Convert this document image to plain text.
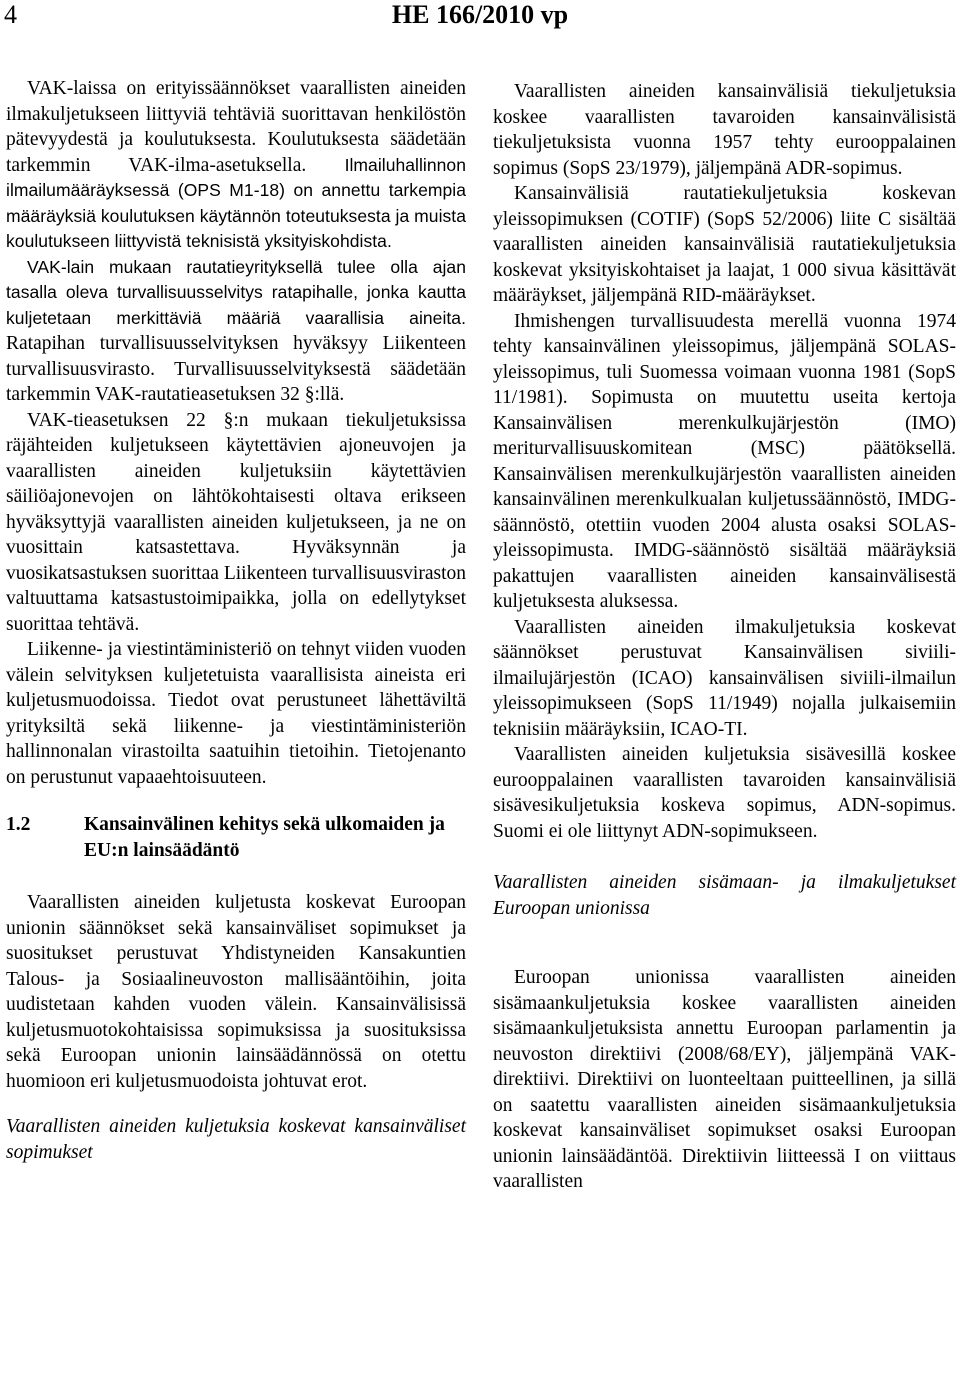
4	HE 166/2010 vp

VAK-laissa on erityissäännökset vaarallisten aineiden ilmakuljetukseen liittyviä tehtäviä suorittavan henkilöstön pätevyydestä ja koulutuksesta. Koulutuksesta säädetään tarkemmin VAK-ilma-asetuksella. Ilmailuhallinnon ilmailumääräyksessä (OPS M1-18) on annettu tarkempia määräyksiä koulutuksen käytännön toteutuksesta ja muista koulutukseen liittyvistä teknisistä yksityiskohdista.

VAK-lain mukaan rautatieyrityksellä tulee olla ajan tasalla oleva turvallisuusselvitys ratapihalle, jonka kautta kuljetetaan merkittäviä määriä vaarallisia aineita. Ratapihan turvallisuusselvityksen hyväksyy Liikenteen turvallisuusvirasto. Turvallisuusselvityksestä säädetään tarkemmin VAK-rautatieasetuksen 32 §:llä.

VAK-tieasetuksen 22 §:n mukaan tiekuljetuksissa räjähteiden kuljetukseen käytettävien ajoneuvojen ja vaarallisten aineiden kuljetuksiin käytettävien säiliöajonevojen on lähtökohtaisesti oltava erikseen hyväksyttyjä vaarallisten aineiden kuljetukseen, ja ne on vuosittain katsastettava. Hyväksynnän ja vuosikatsastuksen suorittaa Liikenteen turvallisuusviraston valtuuttama katsastustoimipaikka, jolla on edellytykset suorittaa tehtävä.

Liikenne- ja viestintäministeriö on tehnyt viiden vuoden välein selvityksen kuljetetuista vaarallisista aineista eri kuljetusmuodoissa. Tiedot ovat perustuneet lähettäviltä yrityksiltä sekä liikenne- ja viestintäministeriön hallinnonalan virastoilta saatuihin tietoihin. Tietojenanto on perustunut vapaaehtoisuuteen.

1.2	Kansainvälinen kehitys sekä ulkomaiden ja EU:n lainsäädäntö

Vaarallisten aineiden kuljetusta koskevat Euroopan unionin säännökset sekä kansainväliset sopimukset ja suositukset perustuvat Yhdistyneiden Kansakuntien Talous- ja Sosiaalineuvoston mallisääntöihin, joita uudistetaan kahden vuoden välein. Kansainvälisissä kuljetusmuotokohtaisissa sopimuksissa ja suosituksissa sekä Euroopan unionin lainsäädännössä on otettu huomioon eri kuljetusmuodoista johtuvat erot.

Vaarallisten aineiden kuljetuksia koskevat kansainväliset sopimukset

Vaarallisten aineiden kansainvälisiä tiekuljetuksia koskee vaarallisten tavaroiden kansainvälisistä tiekuljetuksista vuonna 1957 tehty eurooppalainen sopimus (SopS 23/1979), jäljempänä ADR-sopimus.

Kansainvälisiä rautatiekuljetuksia koskevan yleissopimuksen (COTIF) (SopS 52/2006) liite C sisältää vaarallisten aineiden kansainvälisiä rautatiekuljetuksia koskevat yksityiskohtaiset ja laajat, 1 000 sivua käsittävät määräykset, jäljempänä RID-määräykset.

Ihmishengen turvallisuudesta merellä vuonna 1974 tehty kansainvälinen yleissopimus, jäljempänä SOLAS-yleissopimus, tuli Suomessa voimaan vuonna 1981 (SopS 11/1981). Sopimusta on muutettu useita kertoja Kansainvälisen merenkulkujärjestön (IMO) meriturvallisuuskomitean (MSC) päätöksellä. Kansainvälisen merenkulkujärjestön vaarallisten aineiden kansainvälinen merenkulkualan kuljetussäännöstö, IMDG-säännöstö, otettiin vuoden 2004 alusta osaksi SOLAS-yleissopimusta. IMDG-säännöstö sisältää määräyksiä pakattujen vaarallisten aineiden kansainvälisestä kuljetuksesta aluksessa.

Vaarallisten aineiden ilmakuljetuksia koskevat säännökset perustuvat Kansainvälisen siviili-ilmailujärjestön (ICAO) kansainvälisen siviili-ilmailun yleissopimukseen (SopS 11/1949) nojalla julkaisemiin teknisiin määräyksiin, ICAO-TI.

Vaarallisten aineiden kuljetuksia sisävesillä koskee eurooppalainen vaarallisten tavaroiden kansainvälisiä sisävesikuljetuksia koskeva sopimus, ADN-sopimus. Suomi ei ole liittynyt ADN-sopimukseen.

Vaarallisten aineiden sisämaan- ja ilmakuljetukset Euroopan unionissa

Euroopan unionissa vaarallisten aineiden sisämaankuljetuksia koskee vaarallisten aineiden sisämaankuljetuksista annettu Euroopan parlamentin ja neuvoston direktiivi (2008/68/EY), jäljempänä VAK-direktiivi. Direktiivi on luonteeltaan puitteellinen, ja sillä on saatettu vaarallisten aineiden sisämaankuljetuksia koskevat kansainväliset sopimukset osaksi Euroopan unionin lainsäädäntöä. Direktiivin liitteessä I on viittaus vaarallisten
